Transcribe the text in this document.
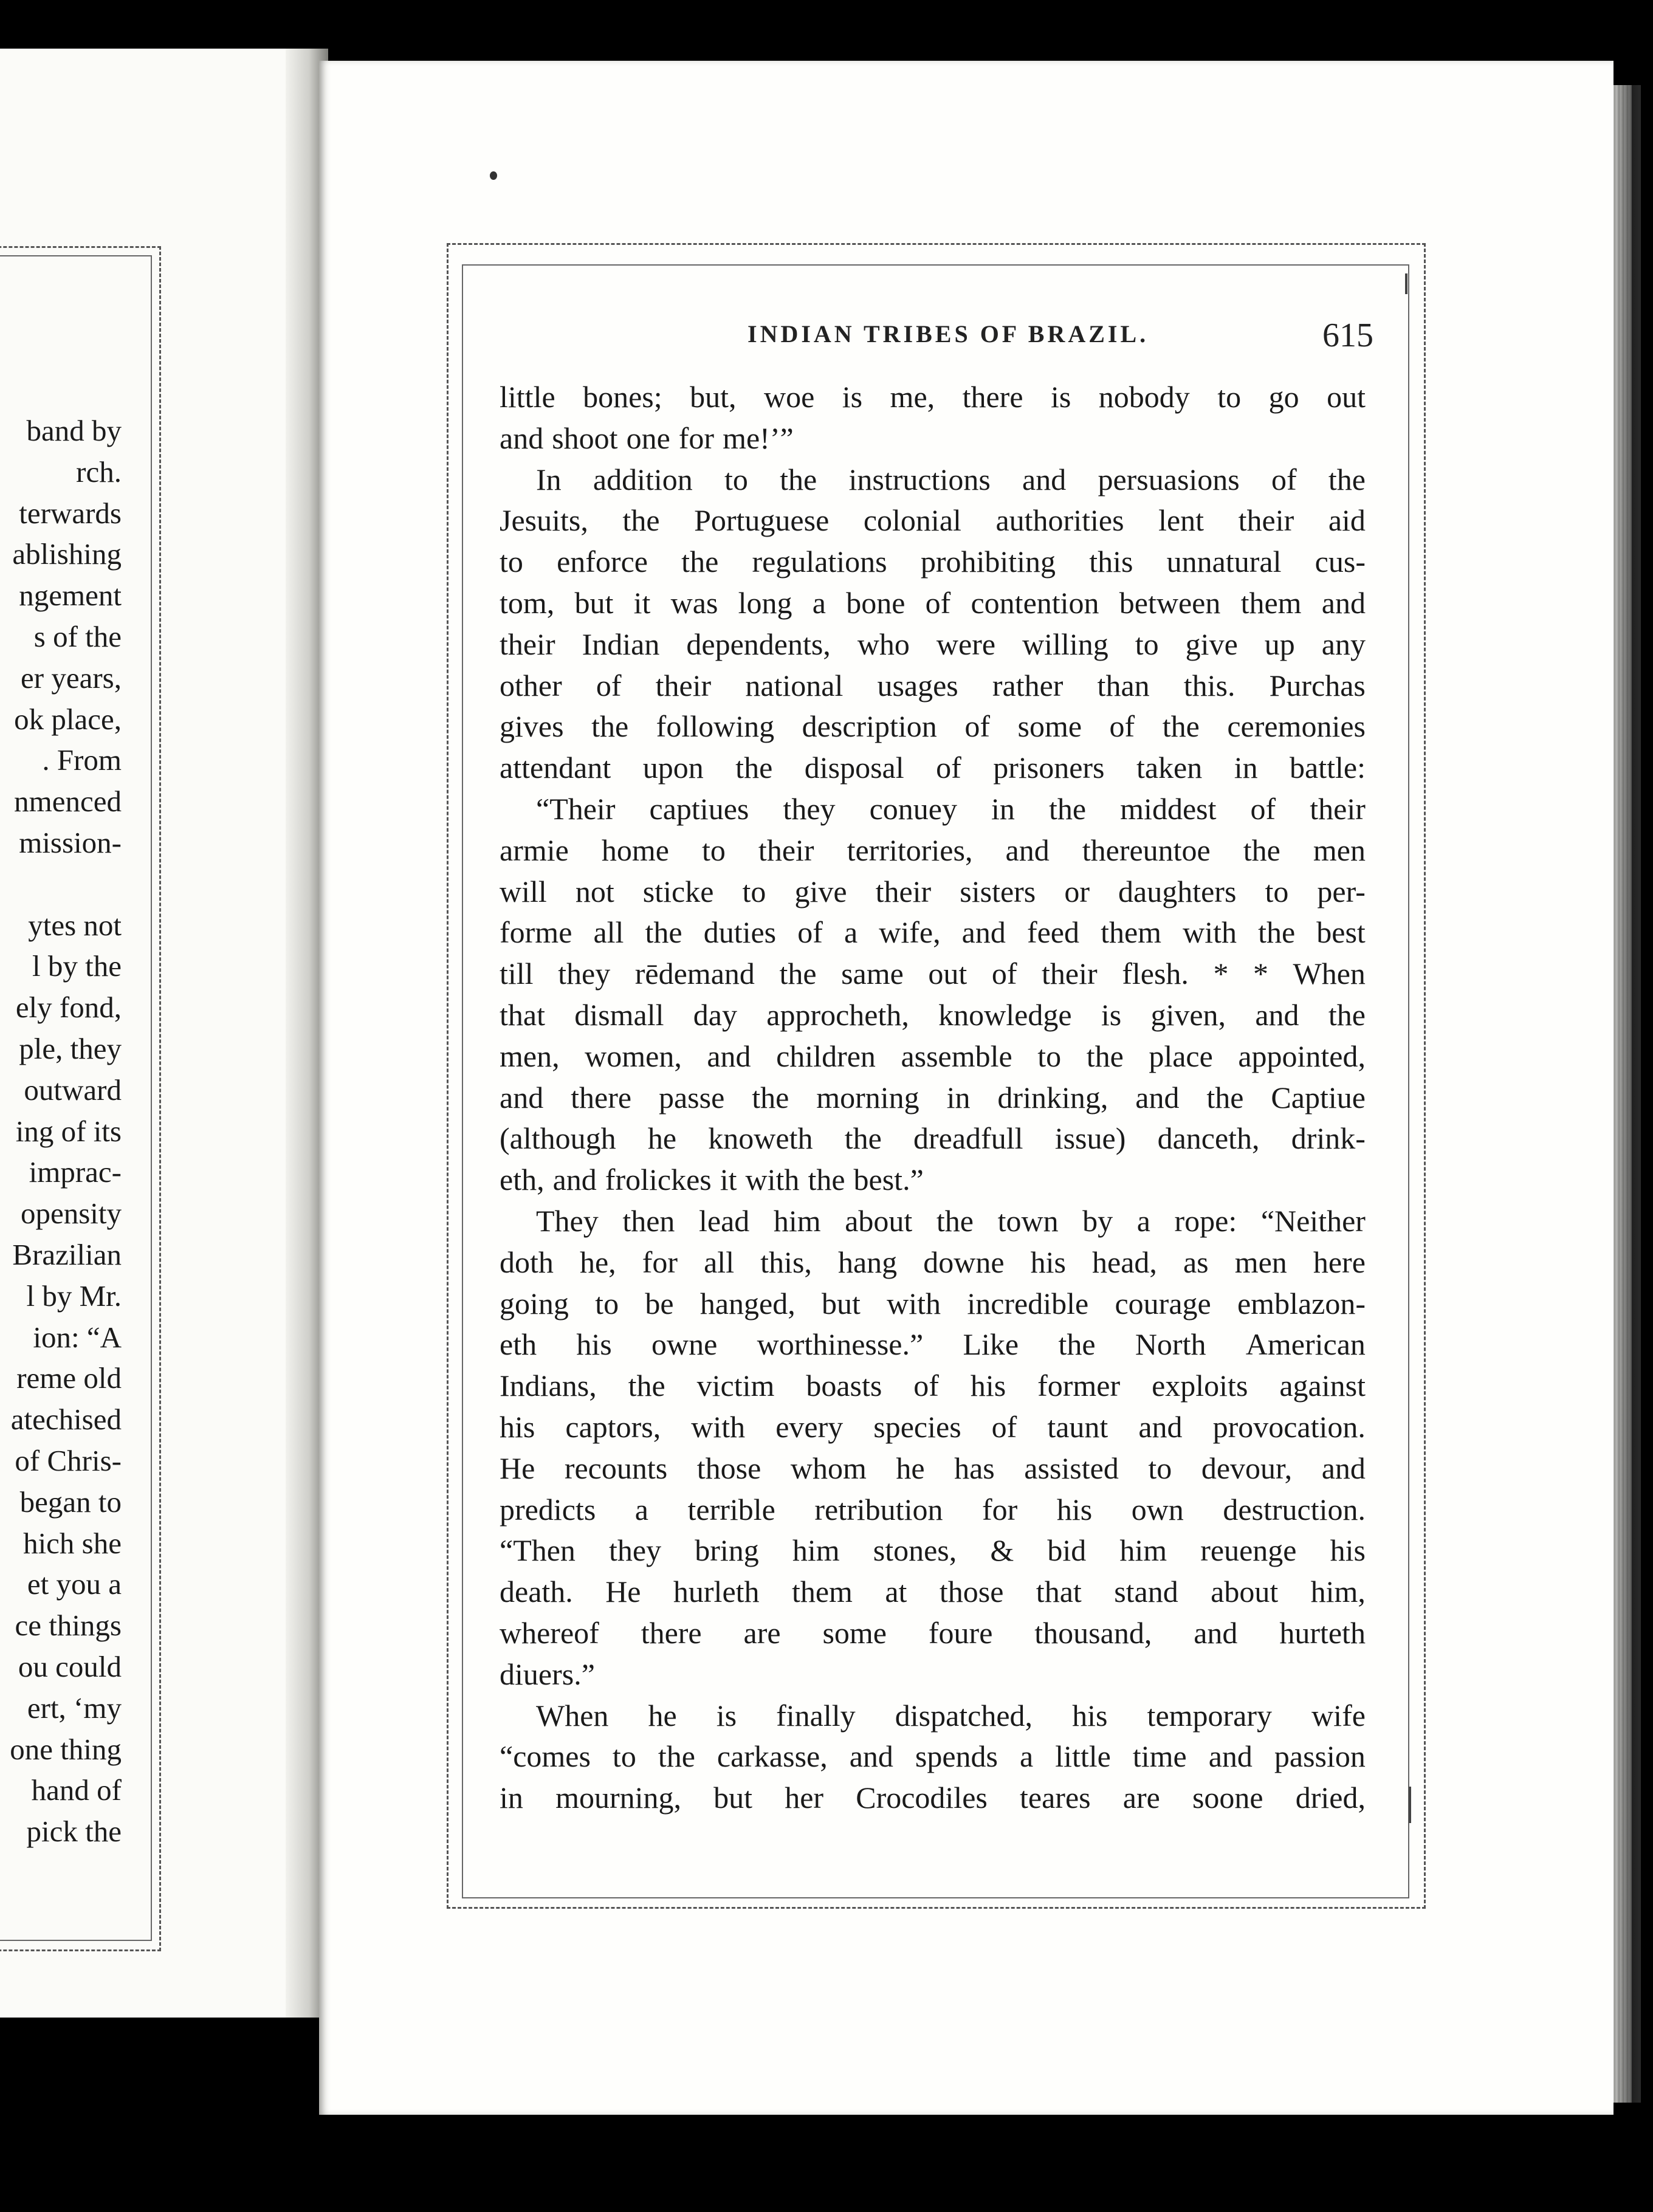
band by
rch.
terwards
ablishing
ngement
s of the
er years,
ok place,
. From
nmenced
mission-
ytes not
l by the
ely fond,
ple, they
outward
ing of its
imprac-
opensity
Brazilian
l by Mr.
ion: “A
reme old
atechised
of Chris-
began to
hich she
et you a
ce things
ou could
ert, ‘my
one thing
hand of
pick the
INDIAN TRIBES OF BRAZIL.	615
little bones; but, woe is me, there is nobody to go out
and shoot one for me!’”
In addition to the instructions and persuasions of the
Jesuits, the Portuguese colonial authorities lent their aid
to enforce the regulations prohibiting this unnatural cus-
tom, but it was long a bone of contention between them and
their Indian dependents, who were willing to give up any
other of their national usages rather than this. Purchas
gives the following description of some of the ceremonies
attendant upon the disposal of prisoners taken in battle:
“Their captiues they conuey in the middest of their
armie home to their territories, and thereuntoe the men
will not sticke to give their sisters or daughters to per-
forme all the duties of a wife, and feed them with the best
till they rēdemand the same out of their flesh. * * When
that dismall day approcheth, knowledge is given, and the
men, women, and children assemble to the place appointed,
and there passe the morning in drinking, and the Captiue
(although he knoweth the dreadfull issue) danceth, drink-
eth, and frolickes it with the best.”
They then lead him about the town by a rope: “Neither
doth he, for all this, hang downe his head, as men here
going to be hanged, but with incredible courage emblazon-
eth his owne worthinesse.” Like the North American
Indians, the victim boasts of his former exploits against
his captors, with every species of taunt and provocation.
He recounts those whom he has assisted to devour, and
predicts a terrible retribution for his own destruction.
“Then they bring him stones, & bid him reuenge his
death. He hurleth them at those that stand about him,
whereof there are some foure thousand, and hurteth
diuers.”
When he is finally dispatched, his temporary wife
“comes to the carkasse, and spends a little time and passion
in mourning, but her Crocodiles teares are soone dried,
